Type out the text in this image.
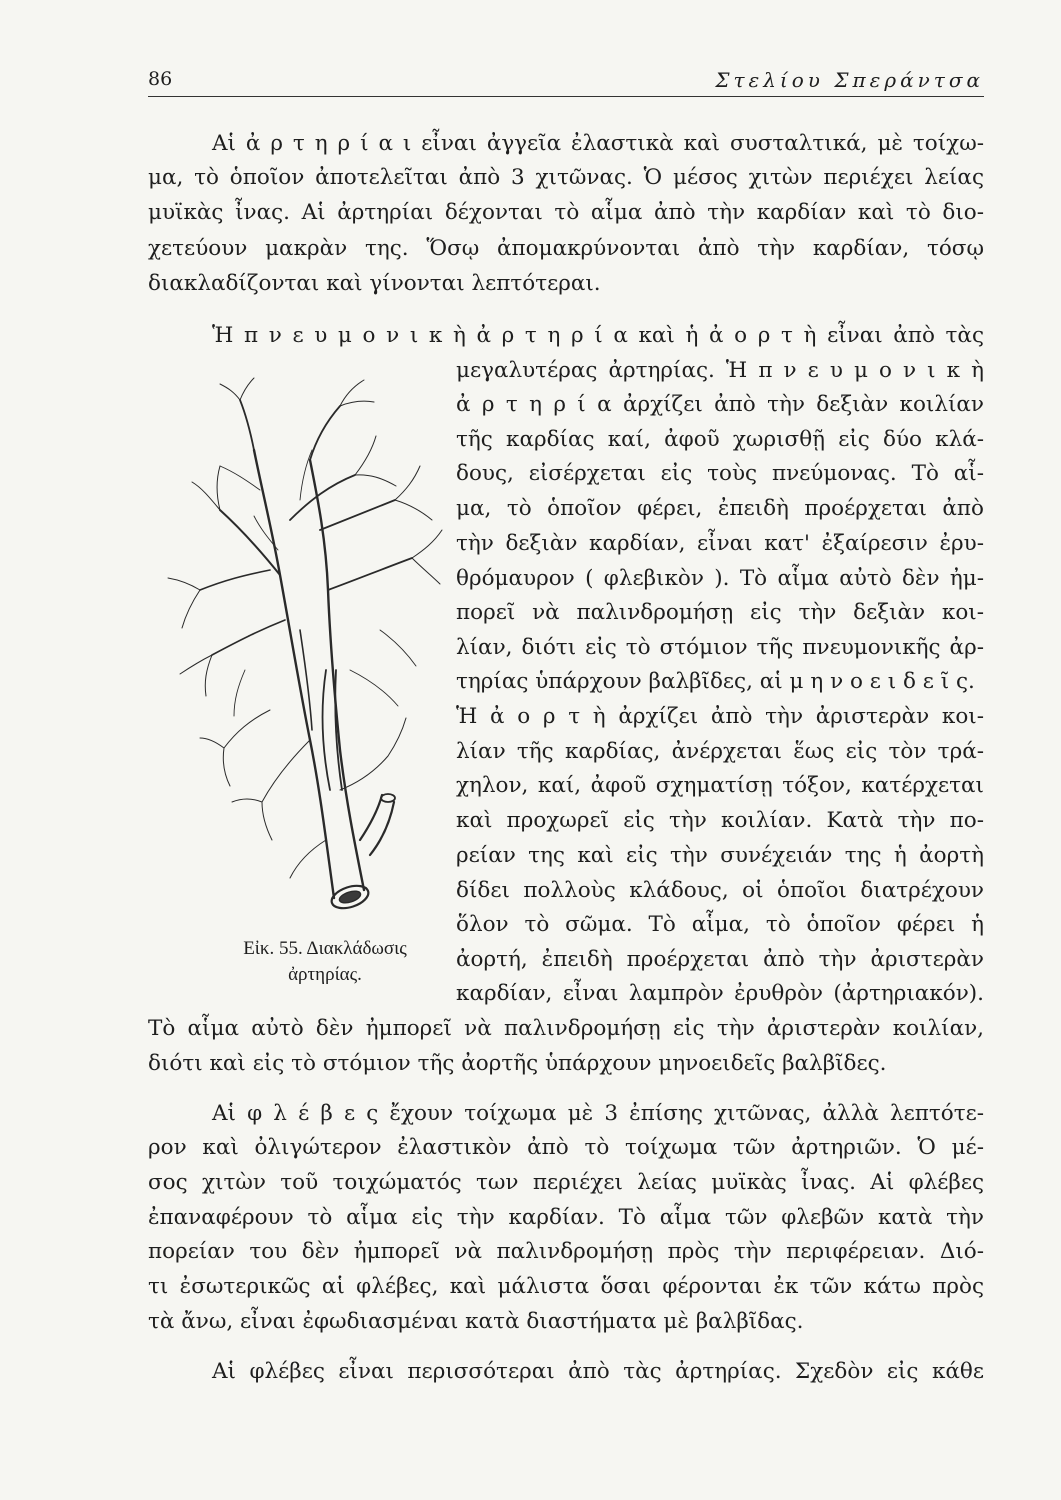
86	Στελίου Σπεράντσα
Αἱ ἀ ρ τ η ρ ί α ι εἶναι ἀγγεῖα ἐλαστικὰ καὶ συσταλτικά, μὲ τοίχω-
μα, τὸ ὁποῖον ἀποτελεῖται ἀπὸ 3 χιτῶνας. Ὁ μέσος χιτὼν περιέχει λείας
μυϊκὰς ἶνας. Αἱ ἀρτηρίαι δέχονται τὸ αἷμα ἀπὸ τὴν καρδίαν καὶ τὸ διο-
χετεύουν μακρὰν της. Ὅσῳ ἀπομακρύνονται ἀπὸ τὴν καρδίαν, τόσῳ
διακλαδίζονται καὶ γίνονται λεπτότεραι.
Ἡ π ν ε υ μ ο ν ι κ ὴ ἀ ρ τ η ρ ί α καὶ ἡ ἀ ο ρ τ ὴ εἶναι ἀπὸ τὰς
μεγαλυτέρας ἀρτηρίας. Ἡ π ν ε υ μ ο ν ι κ ὴ
ἀ ρ τ η ρ ί α ἀρχίζει ἀπὸ τὴν δεξιὰν κοιλίαν
τῆς καρδίας καί, ἀφοῦ χωρισθῇ εἰς δύο κλά-
δους, εἰσέρχεται εἰς τοὺς πνεύμονας. Τὸ αἷ-
μα, τὸ ὁποῖον φέρει, ἐπειδὴ προέρχεται ἀπὸ
τὴν δεξιὰν καρδίαν, εἶναι κατ' ἐξαίρεσιν ἐρυ-
θρόμαυρον ( φλεβικὸν ). Τὸ αἷμα αὐτὸ δὲν ἠμ-
πορεῖ νὰ παλινδρομήσῃ εἰς τὴν δεξιὰν κοι-
λίαν, διότι εἰς τὸ στόμιον τῆς πνευμονικῆς ἀρ-
τηρίας ὑπάρχουν βαλβῖδες, αἱ μ η ν ο ε ι δ ε ῖ ς.
Ἡ ἀ ο ρ τ ὴ ἀρχίζει ἀπὸ τὴν ἀριστερὰν κοι-
λίαν τῆς καρδίας, ἀνέρχεται ἕως εἰς τὸν τρά-
χηλον, καί, ἀφοῦ σχηματίσῃ τόξον, κατέρχεται
καὶ προχωρεῖ εἰς τὴν κοιλίαν. Κατὰ τὴν πο-
ρείαν της καὶ εἰς τὴν συνέχειάν της ἡ ἀορτὴ
δίδει πολλοὺς κλάδους, οἱ ὁποῖοι διατρέχουν
ὅλον τὸ σῶμα. Τὸ αἷμα, τὸ ὁποῖον φέρει ἡ
ἀορτή, ἐπειδὴ προέρχεται ἀπὸ τὴν ἀριστερὰν
καρδίαν, εἶναι λαμπρὸν ἐρυθρὸν (ἀρτηριακόν).
Τὸ αἷμα αὐτὸ δὲν ἠμπορεῖ νὰ παλινδρομήσῃ εἰς τὴν ἀριστερὰν κοιλίαν,
διότι καὶ εἰς τὸ στόμιον τῆς ἀορτῆς ὑπάρχουν μηνοειδεῖς βαλβῖδες.
Αἱ φ λ έ β ε ς ἔχουν τοίχωμα μὲ 3 ἐπίσης χιτῶνας, ἀλλὰ λεπτότε-
ρον καὶ ὀλιγώτερον ἐλαστικὸν ἀπὸ τὸ τοίχωμα τῶν ἀρτηριῶν. Ὁ μέ-
σος χιτὼν τοῦ τοιχώματός των περιέχει λείας μυϊκὰς ἶνας. Αἱ φλέβες
ἐπαναφέρουν τὸ αἷμα εἰς τὴν καρδίαν. Τὸ αἷμα τῶν φλεβῶν κατὰ τὴν
πορείαν του δὲν ἠμπορεῖ νὰ παλινδρομήσῃ πρὸς τὴν περιφέρειαν. Διό-
τι ἐσωτερικῶς αἱ φλέβες, καὶ μάλιστα ὅσαι φέρονται ἐκ τῶν κάτω πρὸς
τὰ ἄνω, εἶναι ἐφωδιασμέναι κατὰ διαστήματα μὲ βαλβῖδας.
Αἱ φλέβες εἶναι περισσότεραι ἀπὸ τὰς ἀρτηρίας. Σχεδὸν εἰς κάθε
Εἰκ. 55. Διακλάδωσις
ἀρτηρίας.
